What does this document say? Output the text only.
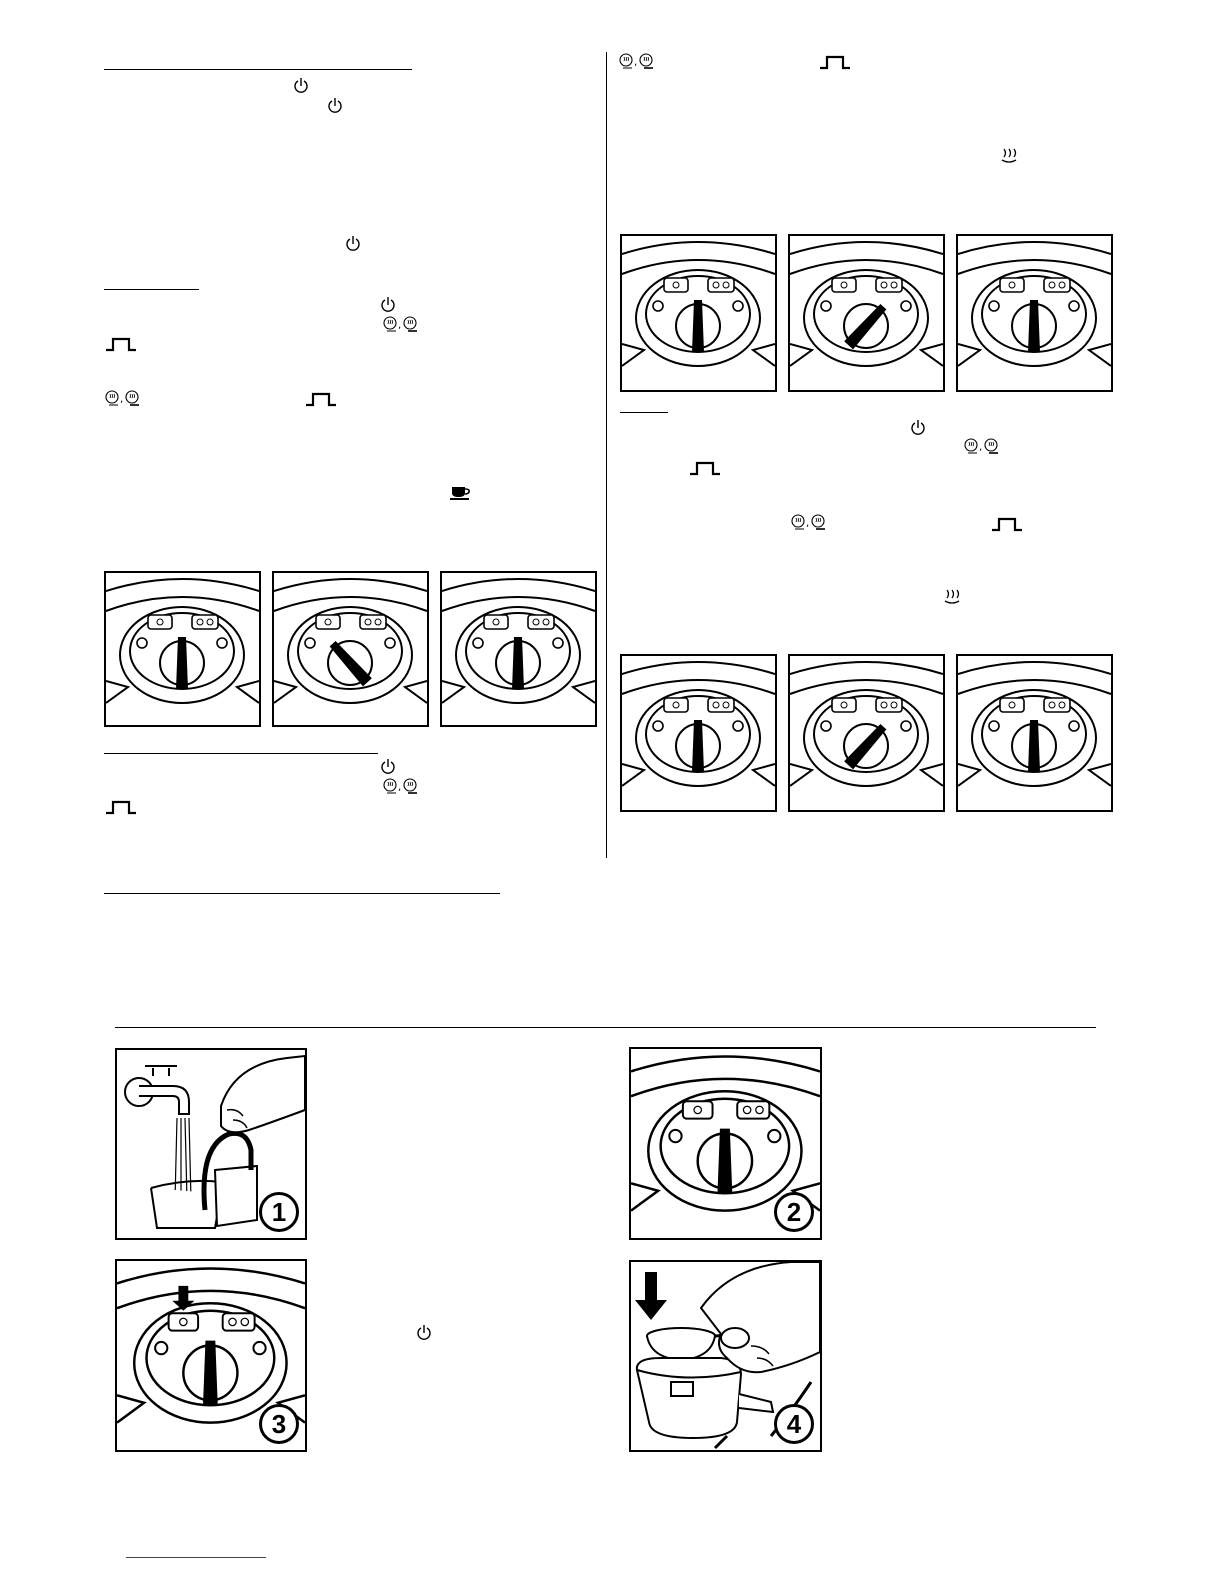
,
,
,
,
,
,
1	2
3	4
